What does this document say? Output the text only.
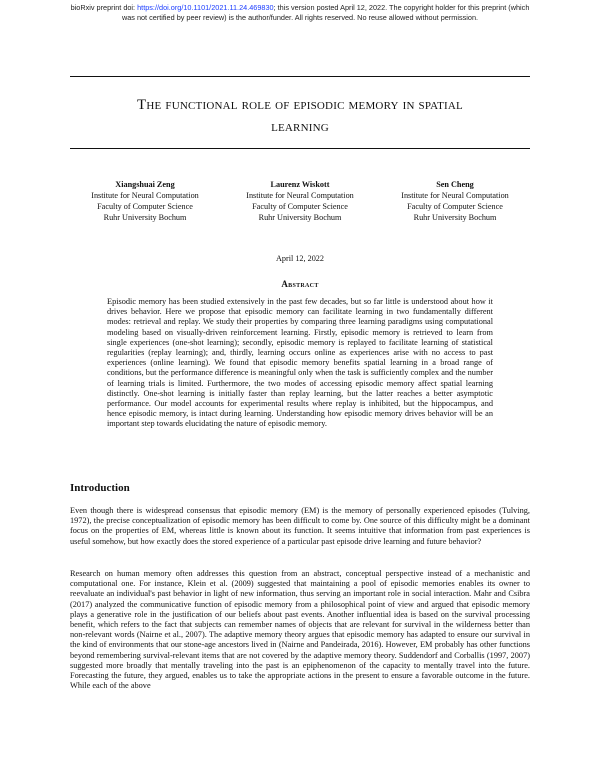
bioRxiv preprint doi: https://doi.org/10.1101/2021.11.24.469830; this version posted April 12, 2022. The copyright holder for this preprint (which
was not certified by peer review) is the author/funder. All rights reserved. No reuse allowed without permission.
The functional role of episodic memory in spatial
learning
Xiangshuai Zeng
Institute for Neural Computation
Faculty of Computer Science
Ruhr University Bochum
Laurenz Wiskott
Institute for Neural Computation
Faculty of Computer Science
Ruhr University Bochum
Sen Cheng
Institute for Neural Computation
Faculty of Computer Science
Ruhr University Bochum
April 12, 2022
Abstract
Episodic memory has been studied extensively in the past few decades, but so far little is understood about how it drives behavior. Here we propose that episodic memory can facilitate learning in two fundamentally different modes: retrieval and replay. We study their properties by comparing three learning paradigms using computational modeling based on visually-driven reinforcement learning. Firstly, episodic memory is retrieved to learn from single experiences (one-shot learning); secondly, episodic memory is replayed to facilitate learning of statistical regularities (replay learning); and, thirdly, learning occurs online as experiences arise with no access to past experiences (online learning). We found that episodic memory benefits spatial learning in a broad range of conditions, but the performance difference is meaningful only when the task is sufficiently complex and the number of learning trials is limited. Furthermore, the two modes of accessing episodic memory affect spatial learning distinctly. One-shot learning is initially faster than replay learning, but the latter reaches a better asymptotic performance. Our model accounts for experimental results where replay is inhibited, but the hippocampus, and hence episodic memory, is intact during learning. Understanding how episodic memory drives behavior will be an important step towards elucidating the nature of episodic memory.
Introduction
Even though there is widespread consensus that episodic memory (EM) is the memory of personally experienced episodes (Tulving, 1972), the precise conceptualization of episodic memory has been difficult to come by. One source of this difficulty might be a dominant focus on the properties of EM, whereas little is known about its function. It seems intuitive that information from past experiences is useful somehow, but how exactly does the stored experience of a particular past episode drive learning and future behavior?
Research on human memory often addresses this question from an abstract, conceptual perspective instead of a mechanistic and computational one. For instance, Klein et al. (2009) suggested that maintaining a pool of episodic memories enables its owner to reevaluate an individual's past behavior in light of new information, thus serving an important role in social interaction. Mahr and Csibra (2017) analyzed the communicative function of episodic memory from a philosophical point of view and argued that episodic memory plays a generative role in the justification of our beliefs about past events. Another influential idea is based on the survival processing benefit, which refers to the fact that subjects can remember names of objects that are relevant for survival in the wilderness better than non-relevant words (Nairne et al., 2007). The adaptive memory theory argues that episodic memory has adapted to ensure our survival in the kind of environments that our stone-age ancestors lived in (Nairne and Pandeirada, 2016). However, EM probably has other functions beyond remembering survival-relevant items that are not covered by the adaptive memory theory. Suddendorf and Corballis (1997, 2007) suggested more broadly that mentally traveling into the past is an epiphenomenon of the capacity to mentally travel into the future. Forecasting the future, they argued, enables us to take the appropriate actions in the present to ensure a favorable outcome in the future. While each of the above
